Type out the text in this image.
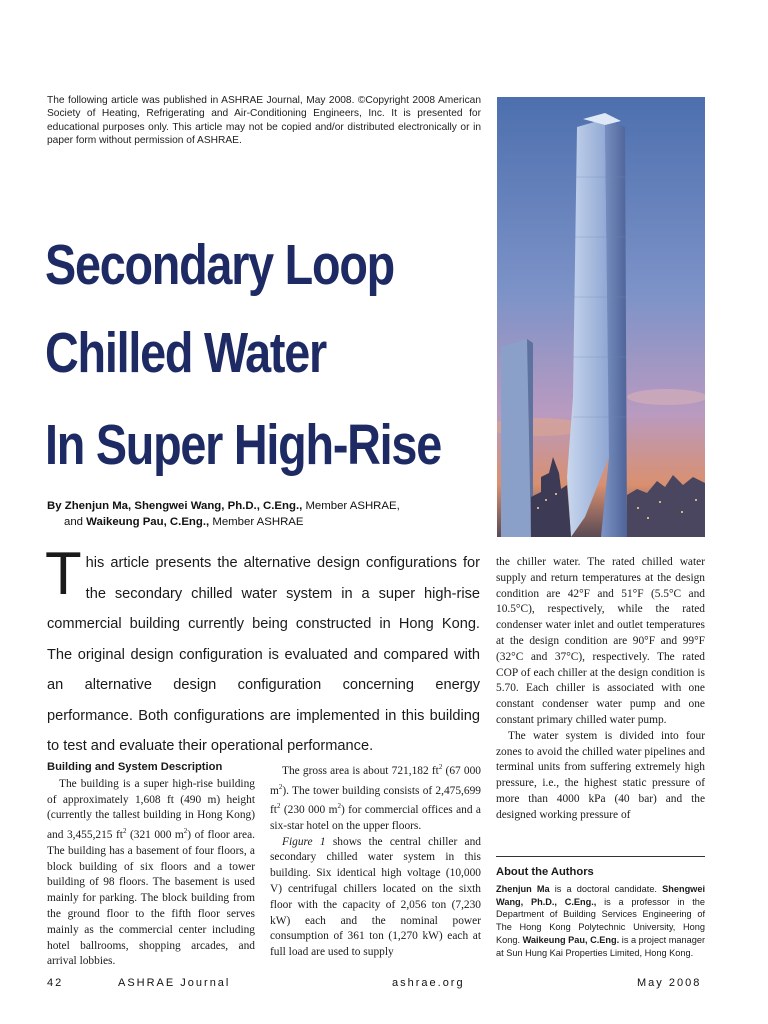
The following article was published in ASHRAE Journal, May 2008. ©Copyright 2008 American Society of Heating, Refrigerating and Air-Conditioning Engineers, Inc. It is presented for educational purposes only. This article may not be copied and/or distributed electronically or in paper form without permission of ASHRAE.
Secondary Loop
Chilled Water
In Super High-Rise
By Zhenjun Ma, Shengwei Wang, Ph.D., C.Eng., Member ASHRAE,
and Waikeung Pau, C.Eng., Member ASHRAE
This article presents the alternative design configurations for the secondary chilled water system in a super high-rise commercial building currently being constructed in Hong Kong. The original design configuration is evaluated and compared with an alternative design configuration concerning energy performance. Both configurations are implemented in this building to test and evaluate their operational performance.

Building and System Description

The building is a super high-rise building of approximately 1,608 ft (490 m) height (currently the tallest building in Hong Kong) and 3,455,215 $ft^2$ (321 000 $m^2$) of floor area. The building has a basement of four floors, a block building of six floors and a tower building of 98 floors. The basement is used mainly for parking. The block building from the ground floor to the fifth floor serves mainly as the commercial center including hotel ballrooms, shopping arcades, and arrival lobbies.

The gross area is about 721,182 $ft^2$ (67 000 $m^2$). The tower building consists of 2,475,699 $ft^2$ (230 000 $m^2$) for commercial offices and a six-star hotel on the upper floors.

Figure 1 shows the central chiller and secondary chilled water system in this building. Six identical high voltage (10,000 V) centrifugal chillers located on the sixth floor with the capacity of 2,056 ton (7,230 kW) each and the nominal power consumption of 361 ton (1,270 kW) each at full load are used to supply

the chiller water. The rated chilled water supply and return temperatures at the design condition are 42°F and 51°F (5.5°C and 10.5°C), respectively, while the rated condenser water inlet and outlet temperatures at the design condition are 90°F and 99°F (32°C and 37°C), respectively. The rated COP of each chiller at the design condition is 5.70. Each chiller is associated with one constant condenser water pump and one constant primary chilled water pump.

The water system is divided into four zones to avoid the chilled water pipelines and terminal units from suffering extremely high pressure, i.e., the highest static pressure of more than 4000 kPa (40 bar) and the designed working pressure of

About the Authors

Zhenjun Ma is a doctoral candidate. Shengwei Wang, Ph.D., C.Eng., is a professor in the Department of Building Services Engineering of The Hong Kong Polytechnic University, Hong Kong. Waikeung Pau, C.Eng. is a project manager at Sun Hung Kai Properties Limited, Hong Kong.

42	ASHRAE Journal	ashrae.org	May 2008
